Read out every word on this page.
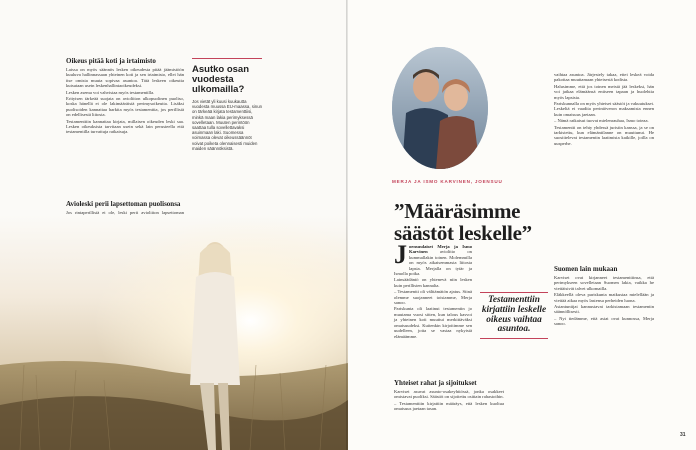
Oikeus pitää koti ja irtaimisto

Laissa on myös säännös lesken oikeudesta pitää jäämistöön kuuluva hallinnassaan yhteinen koti ja sen irtaimisto, ellei hän itse omista muuta sopivaa asuntoa. Tätä leskeen oikeutta kutsutaan usein leskenhallintaoikeudeksi.

Lesken asema voi vahvistaa myös testamentilla.

Erityisen tärkeää suojata on avioliiton ulkopuolinen puoliso, koska hänellä ei ole lakimääräistä perimysoikeutta. Lisäksi puolisoiden kannattaa harkita myös testamenttia, jos perillisiä on edellisestä liitosta.

Testamenttiin kannattaa kirjata, millaisen oikeuden leski saa. Lesken oikeuksista tarvitaan usein sekä lain perusteella että testamentilla turvattuja ratkaisuja.

Avioleski perii lapsettoman puolisonsa

Jos rintaperillisiä ei ole, leski perii avioliiton lapsettoman

Asutko osan vuodesta ulkomailla?
Jos vietät yli kuusi kuukautta vuodesta muussa EU-maassa, sinun on tärkeää kirjata testamenttiisi, minkä maan lakia perimyksessä sovelletaan. Muuten perintöön saattaa tulla sovellettavaksi asuinmaan laki. Suomessa voimassa olevat oikeussäännöt voivat poiketa olennaisesti muiden maiden säännöksistä.
MERJA JA ISMO KARVINEN, JOENSUU
”Määräsimme säästöt leskelle”
J oensuulaiset Merja ja Ismo Karvinen	aviolitto on kummallakin toinen. Molemmilla on myös aikaisemmasta liitosta lapsia. Merjalla on tytär ja Ismolla poika.

Lainsäädäntö on yhtenevä niin lesken kuin perillisten kannalta.

– Testamentti oli välttämätön ajatus. Siinä olemme suojanneet toisiamme, Merja sanoo.

Pariskunta oli laatinut testamentin jo muutama vuosi sitten, kun talous kasvoi ja yhteinen koti muuttui merkittäväksi omaisuudeksi. Kuitenkin kirjoitimme sen uudelleen, jotta se vastaa nykyistä elämäämme.

Yhteiset rahat ja sijoitukset

Karviset asuvat asunto-osakeyhtiössä, jonka osakkeet omistavat puoliksi. Säästöt on sijoitettu osittain rahastoihin.

– Testamenttiin kirjattiin määräys, että lesken kuoltua omaisuus jaetaan tasan.

Testamenttiin kirjattiin leskelle oikeus vaihtaa asuntoa.

vaihtaa asuntoa. Järjestely takaa, ettei leskeä voida pakottaa muuttamaan yhteisestä kodista.

Halusimme, että jos toinen meistä jää leskeksi, hän voi jatkaa elämäänsä entiseen tapaan ja huolehtia myös lapsista.

Pariskunnalla on myös yhteiset säästöt ja vakuutukset. Leskeltä ei vaadita perintöveron maksamista ennen kuin omaisuus jaetaan.

– Nämä ratkaisut tuovat mielenrauhaa, Ismo toteaa.

Testamentti on tehty yhdessä juristin kanssa, ja se on tarkistettu, kun elämäntilanne on muuttunut. He suosittelevat testamentin laatimista kaikille, joilla on uusperhe.

Suomen lain mukaan

Karviset ovat kirjanneet testamenttiinsa, että perimykseen sovelletaan Suomen lakia, vaikka he viettäisivät talvet ulkomailla.

Eläkkeellä oleva pariskunta matkustaa mielellään ja viettää aikaa myös lastensa perheiden luona.

Asiantuntijat kannustavat tarkistamaan testamentin säännöllisesti.

– Nyt tiedämme, että asiat ovat kunnossa, Merja sanoo.

31
